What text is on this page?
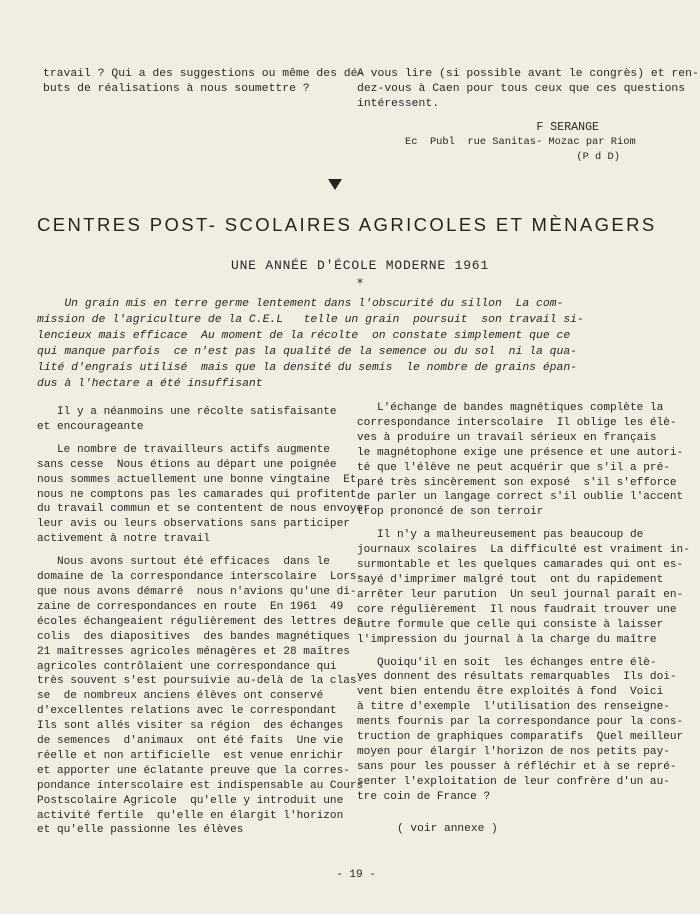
travail ? Qui a des suggestions ou même des dé-
buts de réalisations à nous soumettre ?
A vous lire (si possible avant le congrès) et ren-
dez-vous à Caen pour tous ceux que ces questions
intéressent.
F SERANGE
Ec  Publ  rue Sanitas- Mozac par Riom
(P d D)
CENTRES POST- SCOLAIRES AGRICOLES ET MÈNAGERS
UNE ANNÉE D'ÉCOLE MODERNE 1961
*
Un grain mis en terre germe lentement dans l'obscurité du sillon  La com-
mission de l'agriculture de la C.E.L   telle un grain  poursuit  son travail si-
lencieux mais efficace  Au moment de la récolte  on constate simplement que ce
qui manque parfois  ce n'est pas la qualité de la semence ou du sol  ni la qua-
lité d'engrais utilisé  mais que la densité du semis  le nombre de grains épan-
dus à l'hectare a été insuffisant
Il y a néanmoins une récolte satisfaisante
et encourageante
Le nombre de travailleurs actifs augmente
sans cesse  Nous étions au départ une poignée
nous sommes actuellement une bonne vingtaine  Et
nous ne comptons pas les camarades qui profitent
du travail commun et se contentent de nous envoyer
leur avis ou leurs observations sans participer
activement à notre travail
Nous avons surtout été efficaces  dans le
domaine de la correspondance interscolaire  Lors-
que nous avons démarré  nous n'avions qu'une di-
zaine de correspondances en route  En 1961  49
écoles échangeaient régulièrement des lettres des
colis  des diapositives  des bandes magnétiques
21 maîtresses agricoles ménagères et 28 maîtres
agricoles contrôlaient une correspondance qui
très souvent s'est poursuivie au-delà de la clas-
se  de nombreux anciens élèves ont conservé
d'excellentes relations avec le correspondant
Ils sont allés visiter sa région  des échanges
de semences  d'animaux  ont été faits  Une vie
réelle et non artificielle  est venue enrichir
et apporter une éclatante preuve que la corres-
pondance interscolaire est indispensable au Cours
Postscolaire Agricole  qu'elle y introduit une
activité fertile  qu'elle en élargit l'horizon
et qu'elle passionne les élèves
L'échange de bandes magnétiques complète la
correspondance interscolaire  Il oblige les élè-
ves à produire un travail sérieux en français
le magnétophone exige une présence et une autori-
té que l'élève ne peut acquérir que s'il a pré-
paré très sincèrement son exposé  s'il s'efforce
de parler un langage correct s'il oublie l'accent
trop prononcé de son terroir
Il n'y a malheureusement pas beaucoup de
journaux scolaires  La difficulté est vraiment in-
surmontable et les quelques camarades qui ont es-
sayé d'imprimer malgré tout  ont du rapidement
arrêter leur parution  Un seul journal paraît en-
core régulièrement  Il nous faudrait trouver une
autre formule que celle qui consiste à laisser
l'impression du journal à la charge du maître
Quoiqu'il en soit  les échanges entre élè-
ves donnent des résultats remarquables  Ils doi-
vent bien entendu être exploités à fond  Voici
à titre d'exemple  l'utilisation des renseigne-
ments fournis par la correspondance pour la cons-
truction de graphiques comparatifs  Quel meilleur
moyen pour élargir l'horizon de nos petits pay-
sans pour les pousser à réfléchir et à se repré-
senter l'exploitation de leur confrère d'un au-
tre coin de France ?
( voir annexe )
- 19 -
